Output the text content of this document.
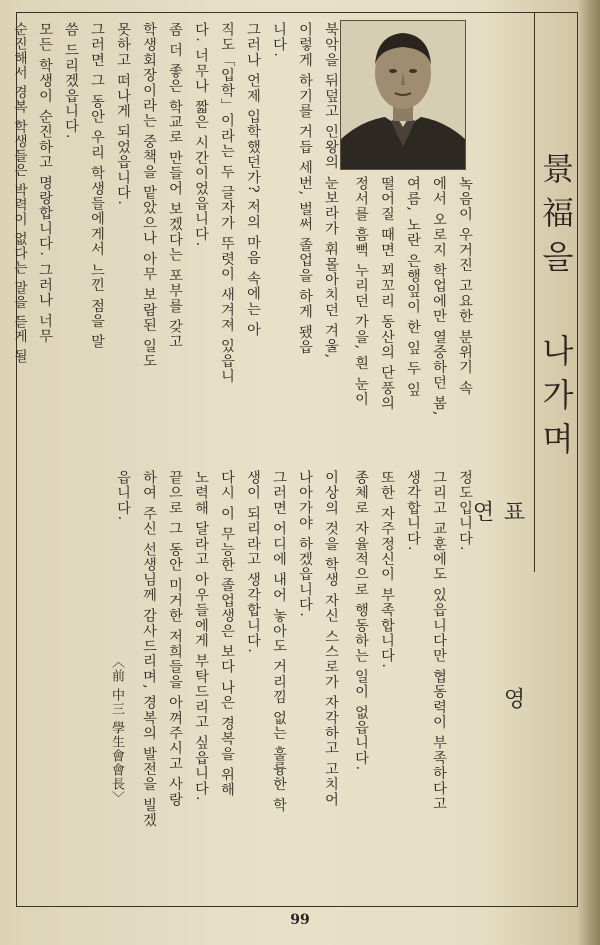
景福을 나가며
표 영 연
〈前 中三 學生會會長〉
녹음이 우거진 고요한 분위기 속
에서 오로지 학업에만 열중하던 봄,
여름, 노란 은행잎이 한 잎 두 잎
떨어질 때면 꾀꼬리 동산의 단풍의
정서를 흠뻑 누리던 가을, 흰 눈이
북악을 뒤덮고 인왕의 눈보라가 휘몰아치던 겨울,
이렇게 하기를 거듭 세번, 벌써 졸업을 하게 됐읍
니다.
그러나 언제 입학했던가? 저의 마음 속에는 아
직도「입학」이라는 두 글자가 뚜렷이 새겨져 있읍니
다. 너무나 짧은 시간이었읍니다.
좀 더 좋은 학교로 만들어 보겠다는 포부를 갖고
학생회장이라는 중책을 맡았으나 아무 보람된 일도
못하고 떠나게 되었읍니다.
그러면 그 동안 우리 학생들에게서 느낀 점을 말
씀 드리겠읍니다.
모든 학생이 순진하고 명랑합니다. 그러나 너무
순진해서 경복 학생들은 박력이 없다는 말을 듣게 될
정도입니다.
그리고 교훈에도 있읍니다만 협동력이 부족하다고
생각합니다.
또한 자주정신이 부족합니다.
종체로 자율적으로 행동하는 일이 없읍니다.
이상의 것을 학생 자신 스스로가 자각하고 고치어
나아가야 하겠읍니다.
그러면 어디에 내어 놓아도 거리낌 없는 훌륭한 학
생이 되리라고 생각합니다.
다시 이 무능한 졸업생은 보다 나은 경복을 위해
노력해 달라고 아우들에게 부탁드리고 싶읍니다.
끝으로 그 동안 미거한 저희들을 아껴주시고 사랑
하여 주신 선생님께 감사드리며, 경복의 발전을 빌겠
읍니다.
99
